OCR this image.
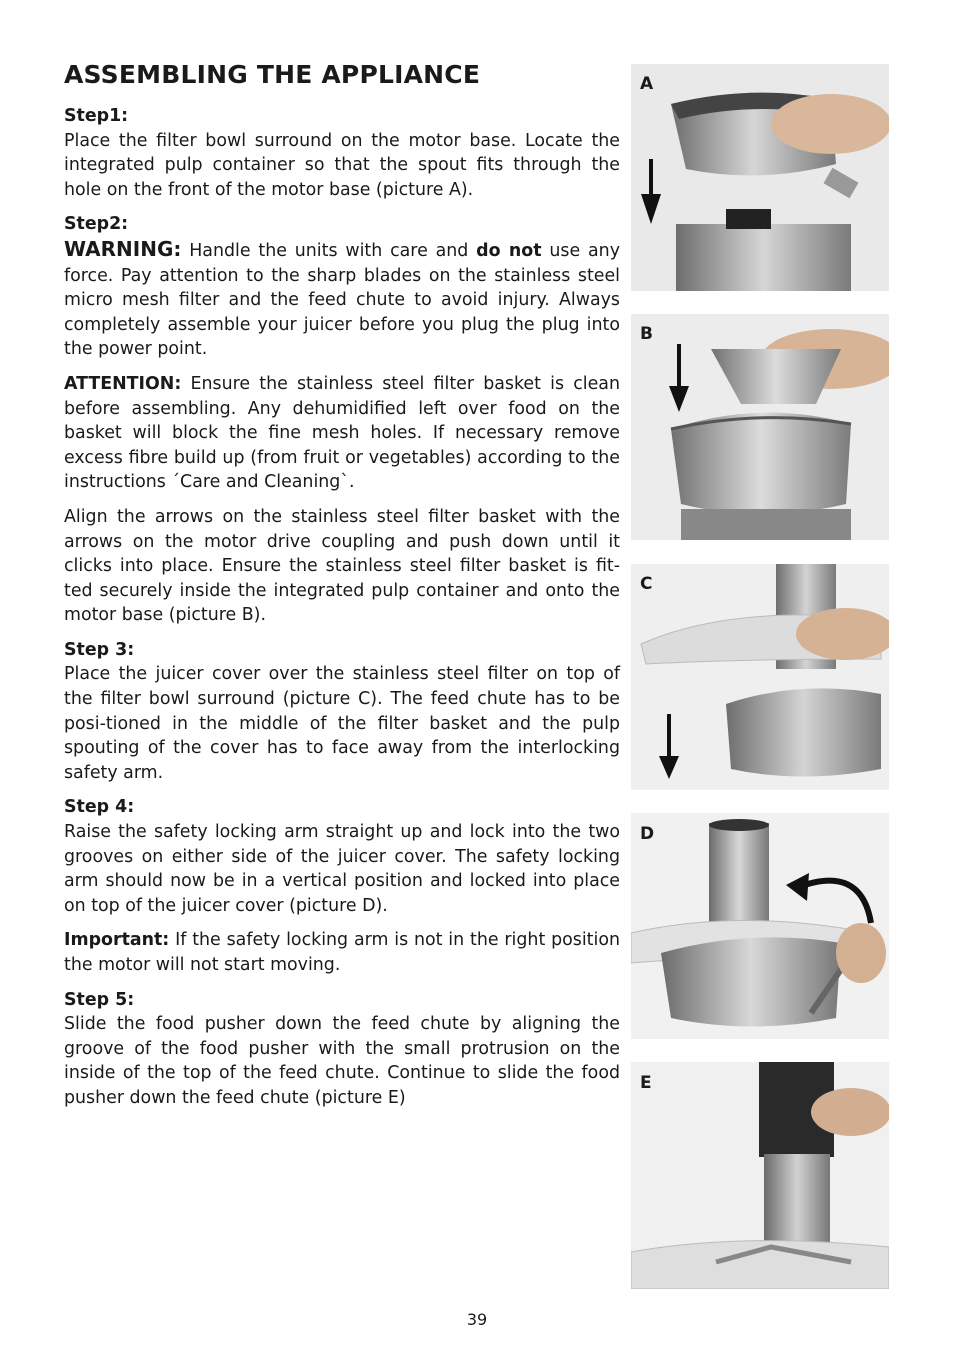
ASSEMBLING THE APPLIANCE

Step1:
Place the filter bowl surround on the motor base. Locate the integrated pulp container so that the spout fits through the hole on the front of the motor base (picture A).

Step2:
WARNING: Handle the units with care and do not use any force. Pay attention to the sharp blades on the stainless steel micro mesh filter and the feed chute to avoid injury. Always completely assemble your juicer before you plug the plug into the power point.

ATTENTION: Ensure the stainless steel filter basket is clean before assembling. Any dehumidified left over food on the basket will block the fine mesh holes. If necessary remove excess fibre build up (from fruit or vegetables) according to the instructions ´Care and Cleaning`.

Align the arrows on the stainless steel filter basket with the arrows on the motor drive coupling and push down until it clicks into place. Ensure the stainless steel filter basket is fit-ted securely inside the integrated pulp container and onto the motor base (picture B).

Step 3:
Place the juicer cover over the stainless steel filter on top of the filter bowl surround (picture C). The feed chute has to be posi-tioned in the middle of the filter basket and the pulp spouting of the cover has to face away from the interlocking safety arm.

Step 4:
Raise the safety locking arm straight up and lock into the two grooves on either side of the juicer cover. The safety locking arm should now be in a vertical position and locked into place on top of the juicer cover (picture D).

Important: If the safety locking arm is not in the right position the motor will not start moving.

Step 5:
Slide the food pusher down the feed chute by aligning the groove of the food pusher with the small protrusion on the inside of the top of the feed chute. Continue to slide the food pusher down the feed chute (picture E)

A
B
C
D
E
39
